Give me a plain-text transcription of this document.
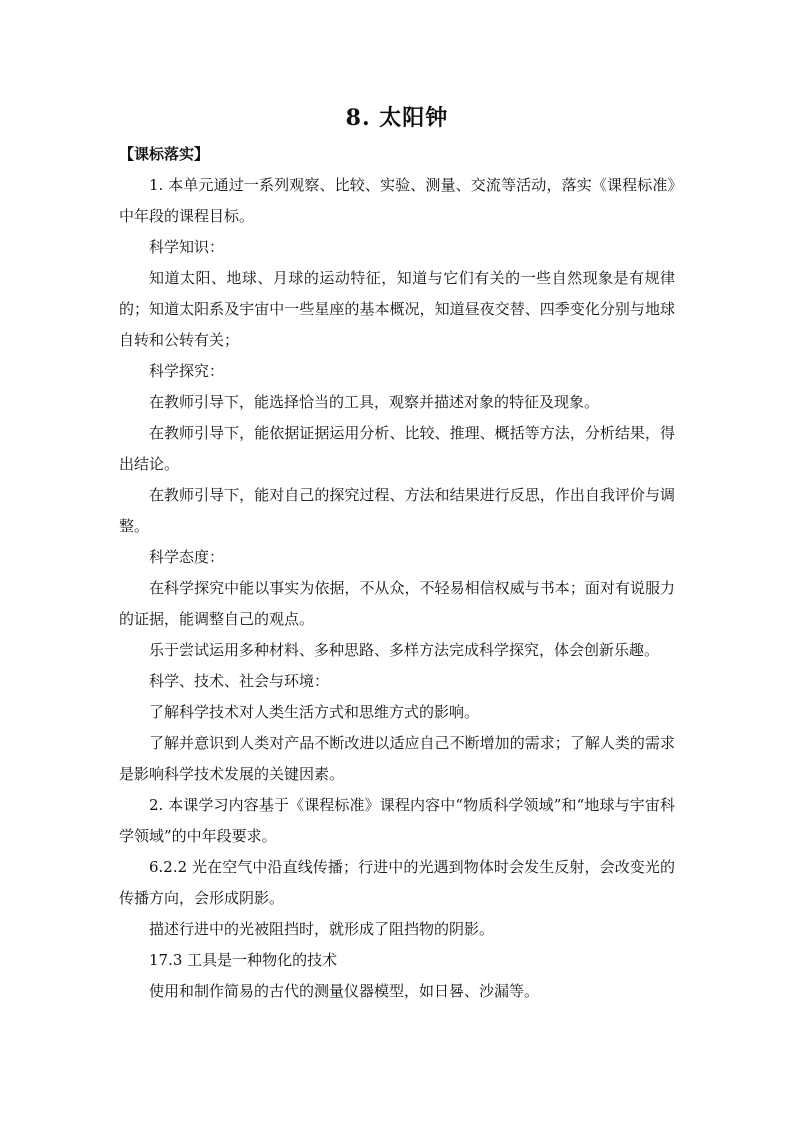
8. 太阳钟
【课标落实】

1. 本单元通过一系列观察、比较、实验、测量、交流等活动，落实《课程标准》中年段的课程目标。

科学知识：

知道太阳、地球、月球的运动特征，知道与它们有关的一些自然现象是有规律的；知道太阳系及宇宙中一些星座的基本概况，知道昼夜交替、四季变化分别与地球自转和公转有关；

科学探究：

在教师引导下，能选择恰当的工具，观察并描述对象的特征及现象。

在教师引导下，能依据证据运用分析、比较、推理、概括等方法，分析结果，得出结论。

在教师引导下，能对自己的探究过程、方法和结果进行反思，作出自我评价与调整。

科学态度：

在科学探究中能以事实为依据，不从众，不轻易相信权威与书本；面对有说服力的证据，能调整自己的观点。

乐于尝试运用多种材料、多种思路、多样方法完成科学探究，体会创新乐趣。

科学、技术、社会与环境：

了解科学技术对人类生活方式和思维方式的影响。

了解并意识到人类对产品不断改进以适应自己不断增加的需求；了解人类的需求是影响科学技术发展的关键因素。

2. 本课学习内容基于《课程标准》课程内容中“物质科学领域”和“地球与宇宙科学领域”的中年段要求。

6.2.2 光在空气中沿直线传播；行进中的光遇到物体时会发生反射，会改变光的传播方向，会形成阴影。

描述行进中的光被阻挡时，就形成了阻挡物的阴影。

17.3 工具是一种物化的技术

使用和制作简易的古代的测量仪器模型，如日晷、沙漏等。
